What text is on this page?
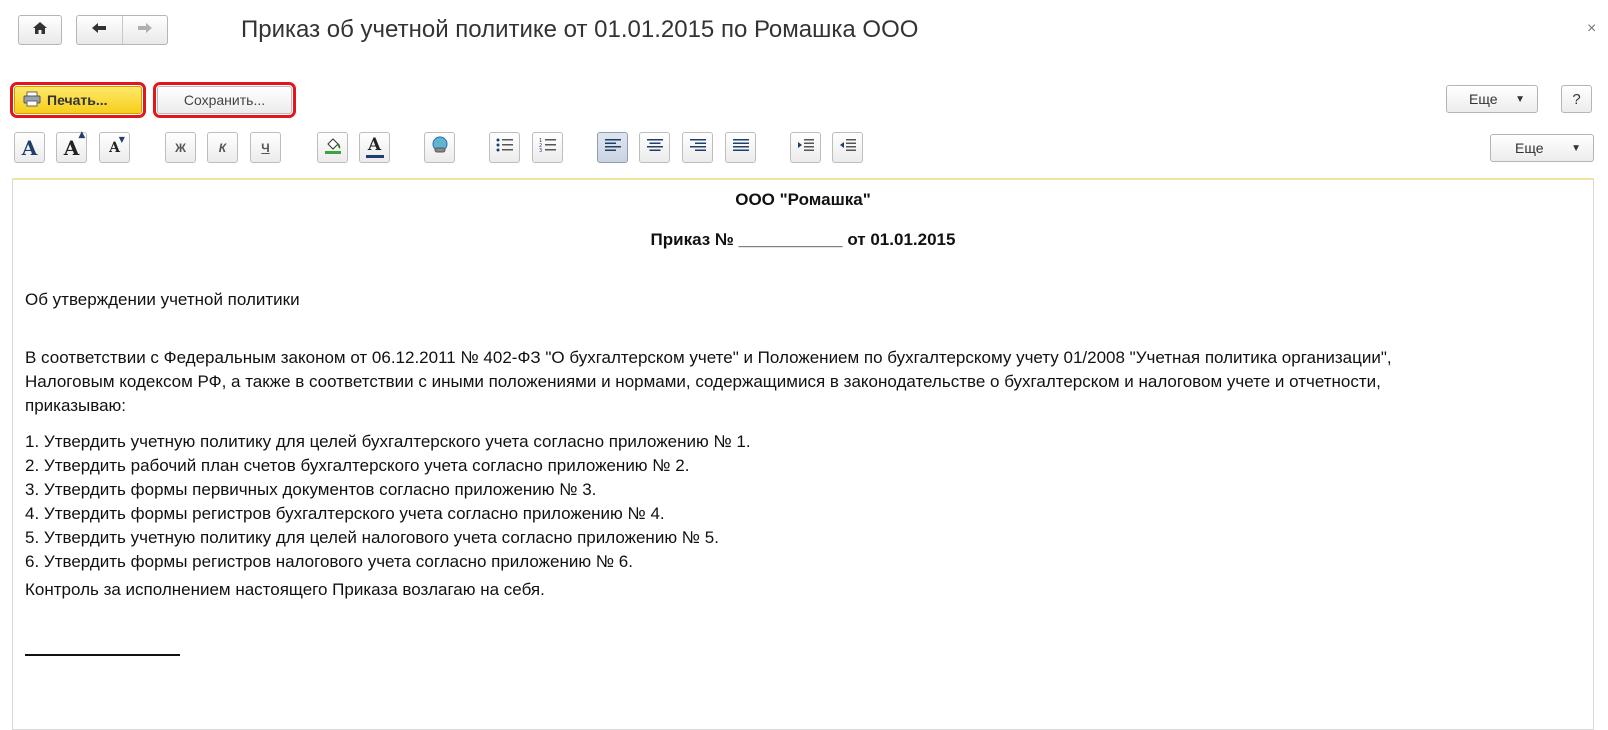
Приказ об учетной политике от 01.01.2015 по Ромашка ООО	×
Печать...	Сохранить...	Еще ▼	?
A A
▲
A
▼
Ж	К	Ч	A	1
2
3	Еще	▼
ООО "Ромашка"
Приказ № ___________ от 01.01.2015

Об утверждении учетной политики

В соответствии с Федеральным законом от 06.12.2011 № 402-ФЗ "О бухгалтерском учете" и Положением по бухгалтерскому учету 01/2008 "Учетная политика организации", Налоговым кодексом РФ, а также в соответствии с иными положениями и нормами, содержащимися в законодательстве о бухгалтерском и налоговом учете и отчетности, приказываю:

1. Утвердить учетную политику для целей бухгалтерского учета согласно приложению № 1.
2. Утвердить рабочий план счетов бухгалтерского учета согласно приложению № 2.
3. Утвердить формы первичных документов согласно приложению № 3.
4. Утвердить формы регистров бухгалтерского учета согласно приложению № 4.
5. Утвердить учетную политику для целей налогового учета согласно приложению № 5.
6. Утвердить формы регистров налогового учета согласно приложению № 6.

Контроль за исполнением настоящего Приказа возлагаю на себя.
